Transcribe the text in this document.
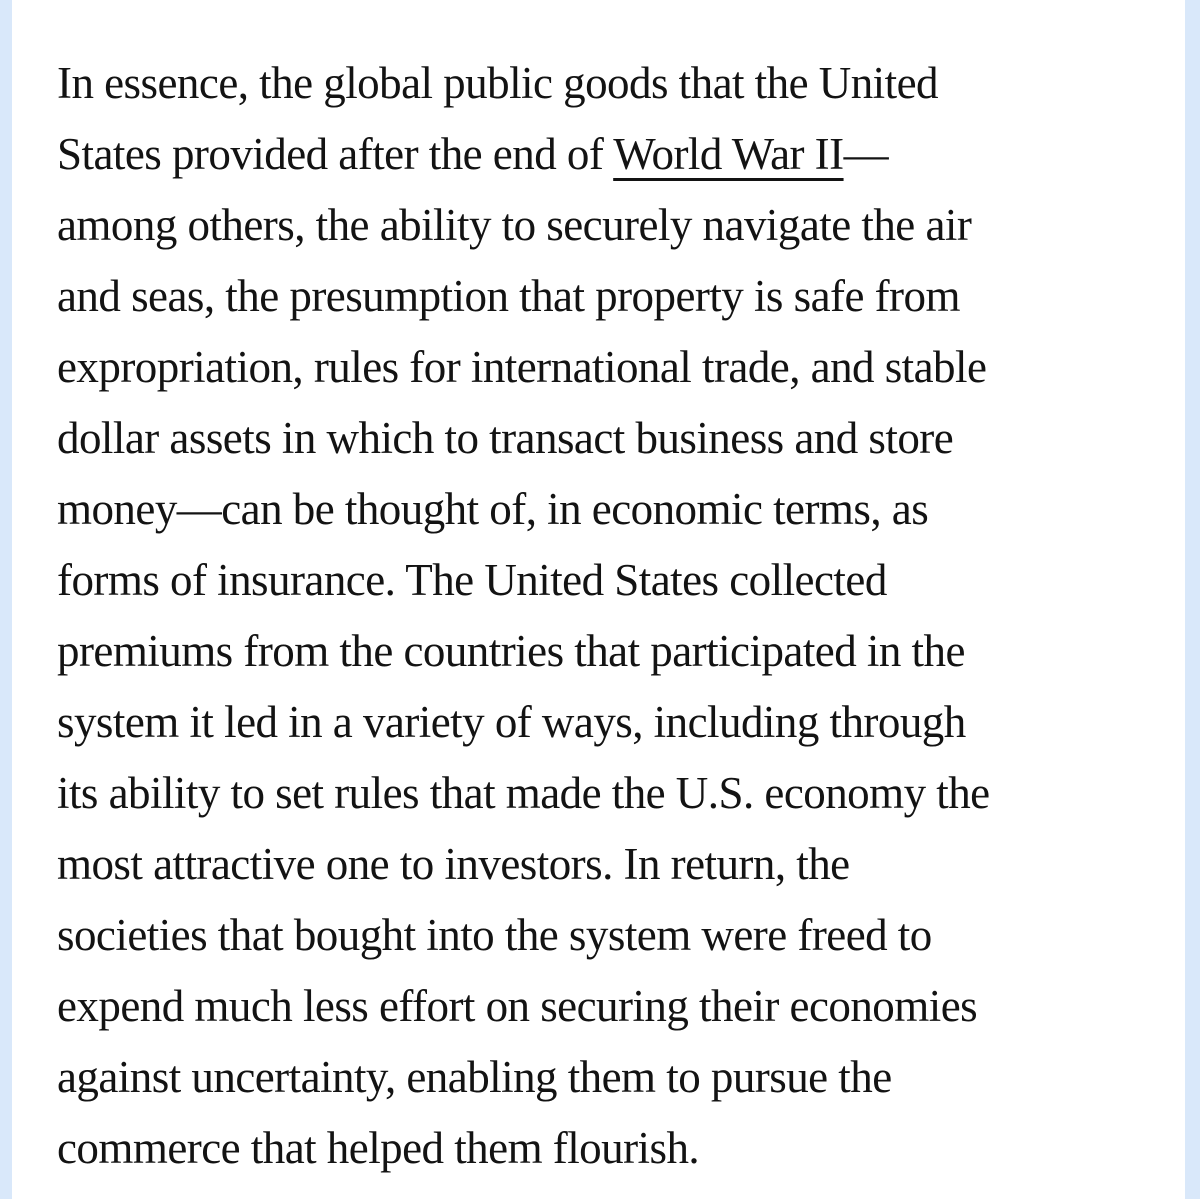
In essence, the global public goods that the United
States provided after the end of World War II—
among others, the ability to securely navigate the air
and seas, the presumption that property is safe from
expropriation, rules for international trade, and stable
dollar assets in which to transact business and store
money—can be thought of, in economic terms, as
forms of insurance. The United States collected
premiums from the countries that participated in the
system it led in a variety of ways, including through
its ability to set rules that made the U.S. economy the
most attractive one to investors. In return, the
societies that bought into the system were freed to
expend much less effort on securing their economies
against uncertainty, enabling them to pursue the
commerce that helped them flourish.
